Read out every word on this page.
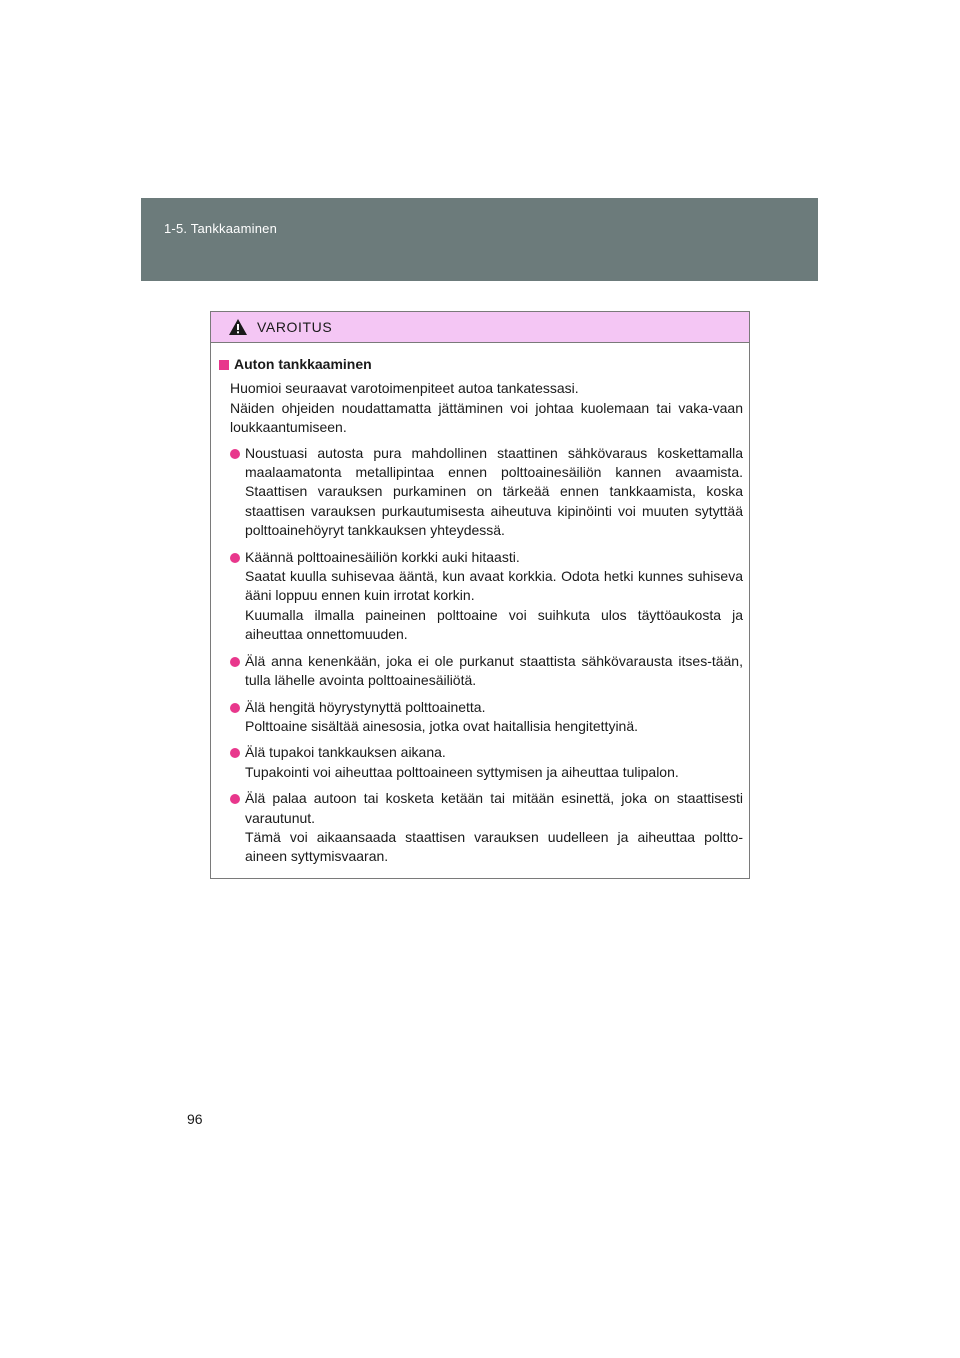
1-5. Tankkaaminen
VAROITUS
Auton tankkaaminen
Huomioi seuraavat varotoimenpiteet autoa tankatessasi.
Näiden ohjeiden noudattamatta jättäminen voi johtaa kuolemaan tai vaka-vaan loukkaantumiseen.

Noustuasi autosta pura mahdollinen staattinen sähkövaraus koskettamalla maalaamatonta metallipintaa ennen polttoainesäiliön kannen avaamista. Staattisen varauksen purkaminen on tärkeää ennen tankkaamista, koska staattisen varauksen purkautumisesta aiheutuva kipinöinti voi muuten sytyttää polttoainehöyryt tankkauksen yhteydessä.

Käännä polttoainesäiliön korkki auki hitaasti.

Saatat kuulla suhisevaa ääntä, kun avaat korkkia. Odota hetki kunnes suhiseva ääni loppuu ennen kuin irrotat korkin.

Kuumalla ilmalla paineinen polttoaine voi suihkuta ulos täyttöaukosta ja aiheuttaa onnettomuuden.

Älä anna kenenkään, joka ei ole purkanut staattista sähkövarausta itses-tään, tulla lähelle avointa polttoainesäiliötä.

Älä hengitä höyrystynyttä polttoainetta.

Polttoaine sisältää ainesosia, jotka ovat haitallisia hengitettyinä.

Älä tupakoi tankkauksen aikana.

Tupakointi voi aiheuttaa polttoaineen syttymisen ja aiheuttaa tulipalon.

Älä palaa autoon tai kosketa ketään tai mitään esinettä, joka on staattisesti varautunut.

Tämä voi aikaansaada staattisen varauksen uudelleen ja aiheuttaa poltto-aineen syttymisvaaran.

96
